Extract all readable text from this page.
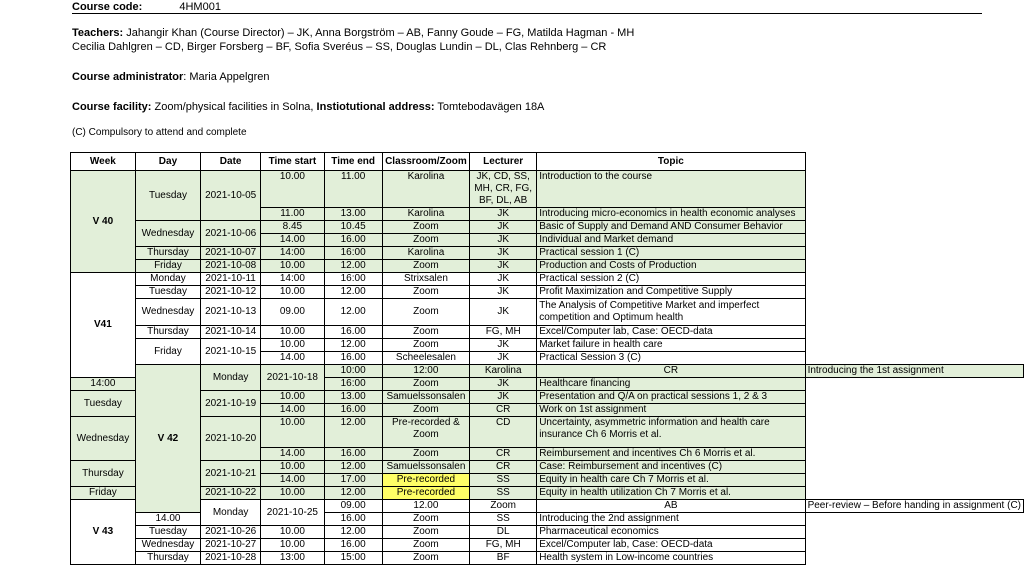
Course code:	4HM001
Teachers: Jahangir Khan (Course Director) – JK, Anna Borgström – AB, Fanny Goude – FG, Matilda Hagman - MH
Cecilia Dahlgren – CD, Birger Forsberg – BF, Sofia Sveréus – SS, Douglas Lundin – DL, Clas Rehnberg – CR
Course administrator: Maria Appelgren
Course facility: Zoom/physical facilities in Solna, Instiotutional address: Tomtebodavägen 18A
(C) Compulsory to attend and complete
Week	Day	Date	Time start	Time end	Classroom/Zoom	Lecturer	Topic	
V 40	Tuesday	2021-10-05	10.00	11.00	Karolina	JK, CD, SS, MH, CR, FG, BF, DL, AB	Introduction to the course	
			11.00	13.00	Karolina	JK	Introducing micro-economics in health economic analyses	
	Wednesday	2021-10-06	8.45	10.45	Zoom	JK	Basic of Supply and Demand AND Consumer Behavior	
			14.00	16.00	Zoom	JK	Individual and Market demand	
	Thursday	2021-10-07	14:00	16:00	Karolina	JK	Practical session 1 (C)	
	Friday	2021-10-08	10.00	12.00	Zoom	JK	Production and Costs of Production	
V41	Monday	2021-10-11	14:00	16:00	Strixsalen	JK	Practical session 2 (C)	
	Tuesday	2021-10-12	10.00	12.00	Zoom	JK	Profit Maximization and Competitive Supply	
	Wednesday	2021-10-13	09.00	12.00	Zoom	JK	The Analysis of Competitive Market and imperfect competition and Optimum health	
	Thursday	2021-10-14	10.00	16.00	Zoom	FG, MH	Excel/Computer lab, Case: OECD-data	
	Friday	2021-10-15	10.00	12.00	Zoom	JK	Market failure in health care	
			14.00	16.00	Scheelesalen	JK	Practical Session 3 (C)	
	V 42	Monday	2021-10-18	10:00	12:00	Karolina	CR	Introducing the 1st assignment
14:00				16:00	Zoom	JK	Healthcare financing	
Tuesday		2021-10-19	10.00	13.00	Samuelssonsalen	JK	Presentation and Q/A on practical sessions 1, 2 & 3	
			14.00	16.00	Zoom	CR	Work on 1st assignment	
Wednesday		2021-10-20	10.00	12.00	Pre-recorded & Zoom	CD	Uncertainty, asymmetric information and health care insurance Ch 6 Morris et al.	
			14.00	16.00	Zoom	CR	Reimbursement and incentives Ch 6 Morris et al.	
Thursday		2021-10-21	10.00	12.00	Samuelssonsalen	CR	Case: Reimbursement and incentives (C)	
			14.00	17.00	Pre-recorded	SS	Equity in health care Ch 7 Morris et al.	
Friday		2021-10-22	10.00	12.00	Pre-recorded	SS	Equity in health utilization Ch 7 Morris et al.	
V 43		Monday	2021-10-25	09.00	12.00	Zoom	AB	Peer-review – Before handing in assignment (C)
	14.00			16.00	Zoom	SS	Introducing the 2nd assignment	
	Tuesday	2021-10-26	10.00	12.00	Zoom	DL	Pharmaceutical economics	
	Wednesday	2021-10-27	10.00	16.00	Zoom	FG, MH	Excel/Computer lab, Case: OECD-data	
	Thursday	2021-10-28	13:00	15:00	Zoom	BF	Health system in Low-income countries	
